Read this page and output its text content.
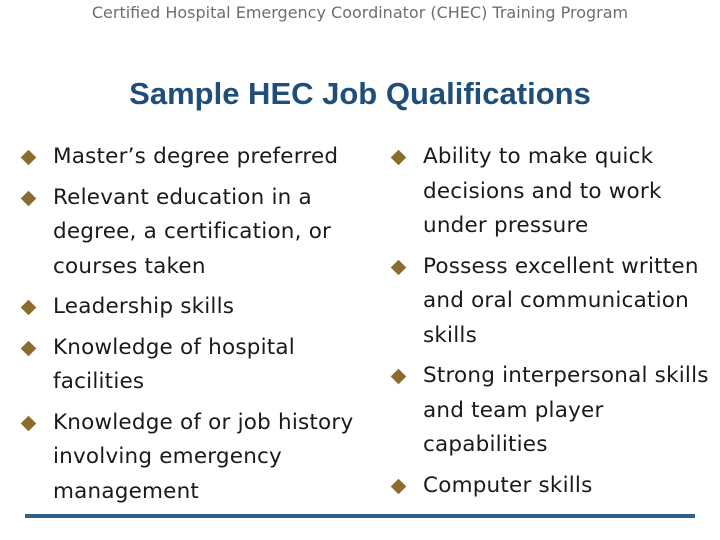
Certified Hospital Emergency Coordinator (CHEC) Training Program
Sample HEC Job Qualifications
Master’s degree preferred
Relevant education in a degree, a certification, or courses taken
Leadership skills
Knowledge of hospital facilities
Knowledge of or job history involving emergency management
Ability to make quick decisions and to work under pressure
Possess excellent written and oral communication skills
Strong interpersonal skills and team player capabilities
Computer skills
